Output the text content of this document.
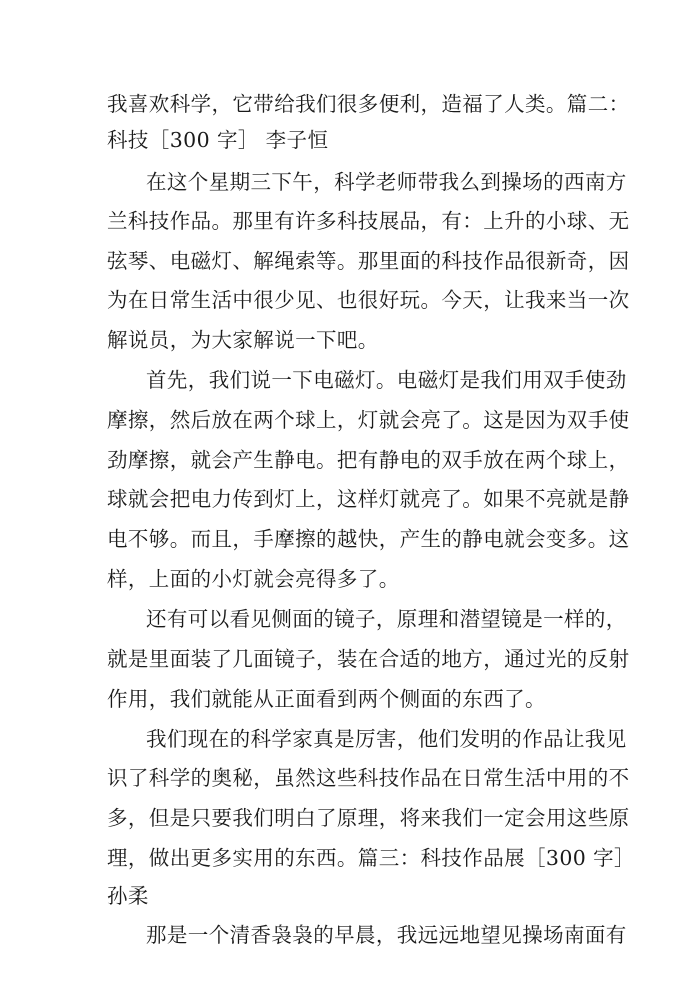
我喜欢科学，它带给我们很多便利，造福了人类。篇二：
科技［300 字］ 李子恒
在这个星期三下午，科学老师带我么到操场的西南方
兰科技作品。那里有许多科技展品，有：上升的小球、无
弦琴、电磁灯、解绳索等。那里面的科技作品很新奇，因
为在日常生活中很少见、也很好玩。今天，让我来当一次
解说员，为大家解说一下吧。
首先，我们说一下电磁灯。电磁灯是我们用双手使劲
摩擦，然后放在两个球上，灯就会亮了。这是因为双手使
劲摩擦，就会产生静电。把有静电的双手放在两个球上，
球就会把电力传到灯上，这样灯就亮了。如果不亮就是静
电不够。而且，手摩擦的越快，产生的静电就会变多。这
样，上面的小灯就会亮得多了。
还有可以看见侧面的镜子，原理和潜望镜是一样的，
就是里面装了几面镜子，装在合适的地方，通过光的反射
作用，我们就能从正面看到两个侧面的东西了。
我们现在的科学家真是厉害，他们发明的作品让我见
识了科学的奥秘，虽然这些科技作品在日常生活中用的不
多，但是只要我们明白了原理，将来我们一定会用这些原
理，做出更多实用的东西。篇三：科技作品展［300 字］
孙柔
那是一个清香袅袅的早晨，我远远地望见操场南面有
